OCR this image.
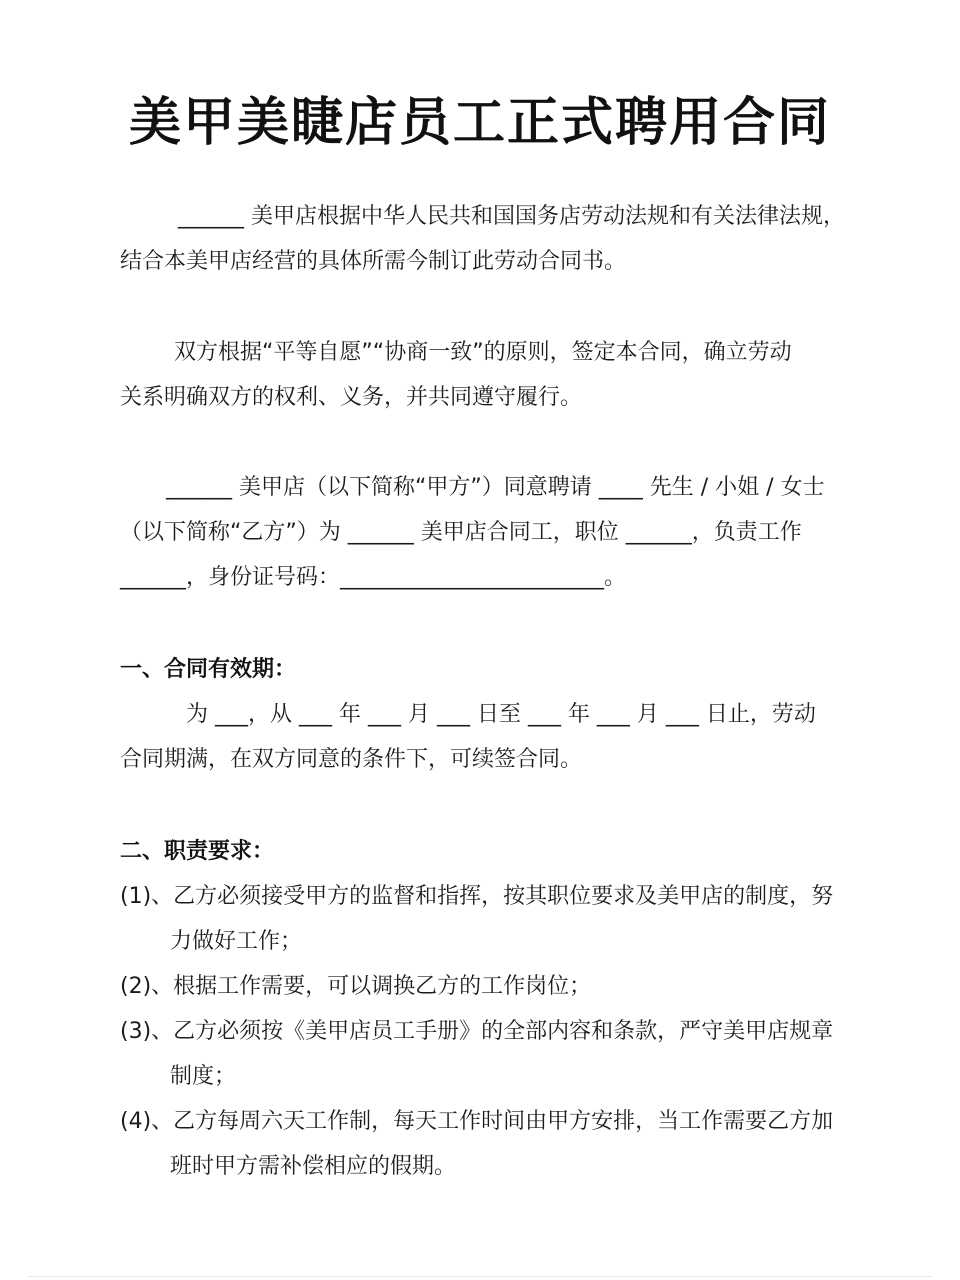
美甲美睫店员工正式聘用合同
______ 美甲店根据中华人民共和国国务店劳动法规和有关法律法规，
结合本美甲店经营的具体所需今制订此劳动合同书。
双方根据“平等自愿”“协商一致”的原则，签定本合同，确立劳动
关系明确双方的权利、义务，并共同遵守履行。
______ 美甲店（以下简称“甲方”）同意聘请 ____ 先生 / 小姐 / 女士
（以下简称“乙方”）为 ______ 美甲店合同工，职位 ______，负责工作
______，身份证号码：________________________。
一、合同有效期：
为 ___，从 ___ 年 ___ 月 ___ 日至 ___ 年 ___ 月 ___ 日止，劳动
合同期满，在双方同意的条件下，可续签合同。
二、职责要求：
(1)、乙方必须接受甲方的监督和指挥，按其职位要求及美甲店的制度，努
力做好工作；
(2)、根据工作需要，可以调换乙方的工作岗位；
(3)、乙方必须按《美甲店员工手册》的全部内容和条款，严守美甲店规章
制度；
(4)、乙方每周六天工作制，每天工作时间由甲方安排，当工作需要乙方加
班时甲方需补偿相应的假期。
